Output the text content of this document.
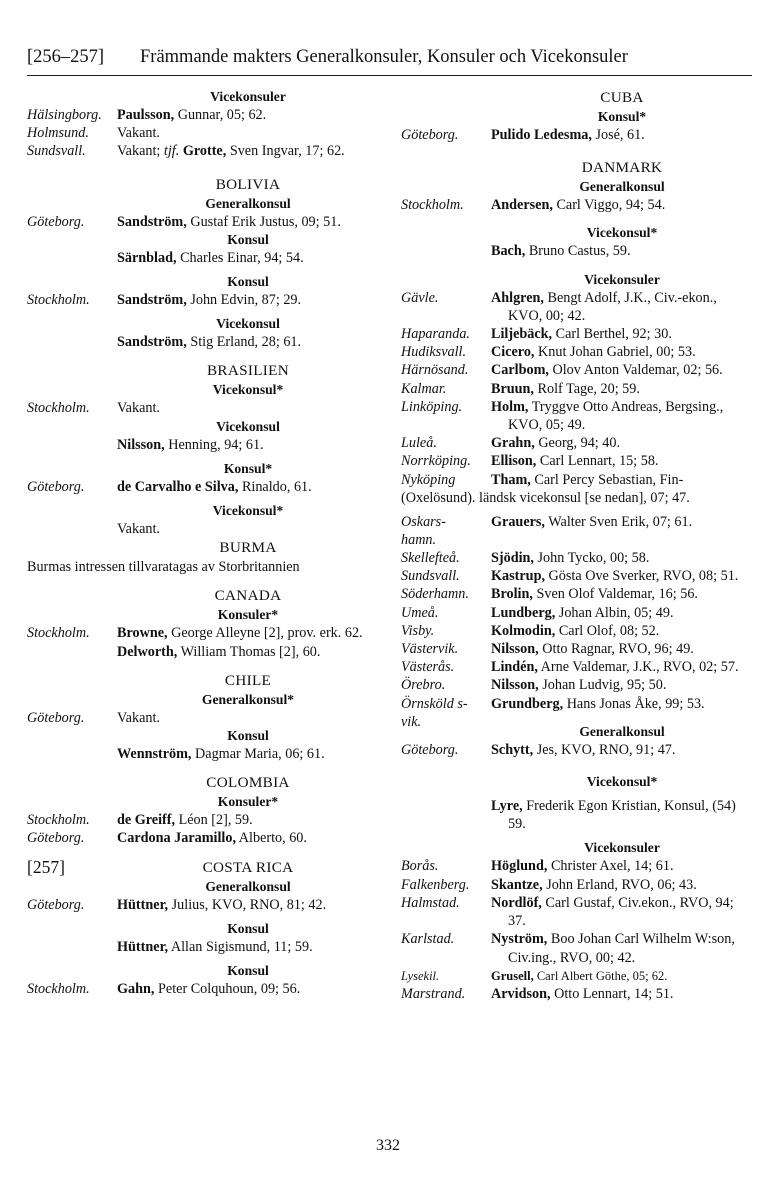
[256–257] Främmande makters Generalkonsuler, Konsuler och Vicekonsuler

Vicekonsuler

Hälsingborg. Paulsson, Gunnar, 05; 62.
Holmsund. Vakant.
Sundsvall. Vakant; tjf. Grotte, Sven Ingvar, 17; 62.

BOLIVIA

Generalkonsul

Göteborg. Sandström, Gustaf Erik Justus, 09; 51.

Konsul

Särnblad, Charles Einar, 94; 54.

Konsul

Stockholm. Sandström, John Edvin, 87; 29.

Vicekonsul

Sandström, Stig Erland, 28; 61.

BRASILIEN

Vicekonsul*

Stockholm. Vakant.

Vicekonsul

Nilsson, Henning, 94; 61.

Konsul*

Göteborg. de Carvalho e Silva, Rinaldo, 61.

Vicekonsul*

Vakant.

BURMA

Burmas intressen tillvaratagas av Storbritannien

CANADA

Konsuler*

Stockholm. Browne, George Alleyne [2], prov. erk. 62.
Delworth, William Thomas [2], 60.

CHILE

Generalkonsul*

Göteborg. Vakant.

Konsul

Wennström, Dagmar Maria, 06; 61.

COLOMBIA

Konsuler*

Stockholm. de Greiff, Léon [2], 59.
Göteborg. Cardona Jaramillo, Alberto, 60.
[257]	COSTA RICA

Generalkonsul

Göteborg. Hüttner, Julius, KVO, RNO, 81; 42.

Konsul

Hüttner, Allan Sigismund, 11; 59.

Konsul

Stockholm. Gahn, Peter Colquhoun, 09; 56.

CUBA

Konsul*

Göteborg. Pulido Ledesma, José, 61.

DANMARK

Generalkonsul

Stockholm. Andersen, Carl Viggo, 94; 54.

Vicekonsul*

Bach, Bruno Castus, 59.

Vicekonsuler

Gävle.	Ahlgren, Bengt Adolf, J.K., Civ.-ekon., KVO, 00; 42.
Haparanda. Liljebäck, Carl Berthel, 92; 30.
Hudiksvall. Cicero, Knut Johan Gabriel, 00; 53.
Härnösand. Carlbom, Olov Anton Valdemar, 02; 56.
Kalmar.	Bruun, Rolf Tage, 20; 59.
Linköping. Holm, Tryggve Otto Andreas, Bergsing., KVO, 05; 49.
Luleå.	Grahn, Georg, 94; 40.
Norrköping. Ellison, Carl Lennart, 15; 58.
Nyköping	Tham, Carl Percy Sebastian, Fin-

(Oxelösund). ländsk vicekonsul [se nedan], 07; 47.

Oskars-
hamn.
Grauers, Walter Sven Erik, 07; 61.
Skellefteå. Sjödin, John Tycko, 00; 58.
Sundsvall. Kastrup, Gösta Ove Sverker, RVO, 08; 51.
Söderhamn. Brolin, Sven Olof Valdemar, 16; 56.
Umeå.	Lundberg, Johan Albin, 05; 49.
Visby.	Kolmodin, Carl Olof, 08; 52.
Västervik. Nilsson, Otto Ragnar, RVO, 96; 49.
Västerås.	Lindén, Arne Valdemar, J.K., RVO, 02; 57.
Örebro.	Nilsson, Johan Ludvig, 95; 50.
Örnsköld s-
vik.
Grundberg, Hans Jonas Åke, 99; 53.

Generalkonsul

Göteborg. Schytt, Jes, KVO, RNO, 91; 47.

Vicekonsul*

Lyre, Frederik Egon Kristian, Konsul, (54) 59.

Vicekonsuler

Borås.	Höglund, Christer Axel, 14; 61.
Falkenberg. Skantze, John Erland, RVO, 06; 43.
Halmstad. Nordlöf, Carl Gustaf, Civ.ekon., RVO, 94; 37.
Karlstad.	Nyström, Boo Johan Carl Wilhelm W:son, Civ.ing., RVO, 00; 42.
Lysekil.	Grusell, Carl Albert Göthe, 05; 62.
Marstrand. Arvidson, Otto Lennart, 14; 51.
332
